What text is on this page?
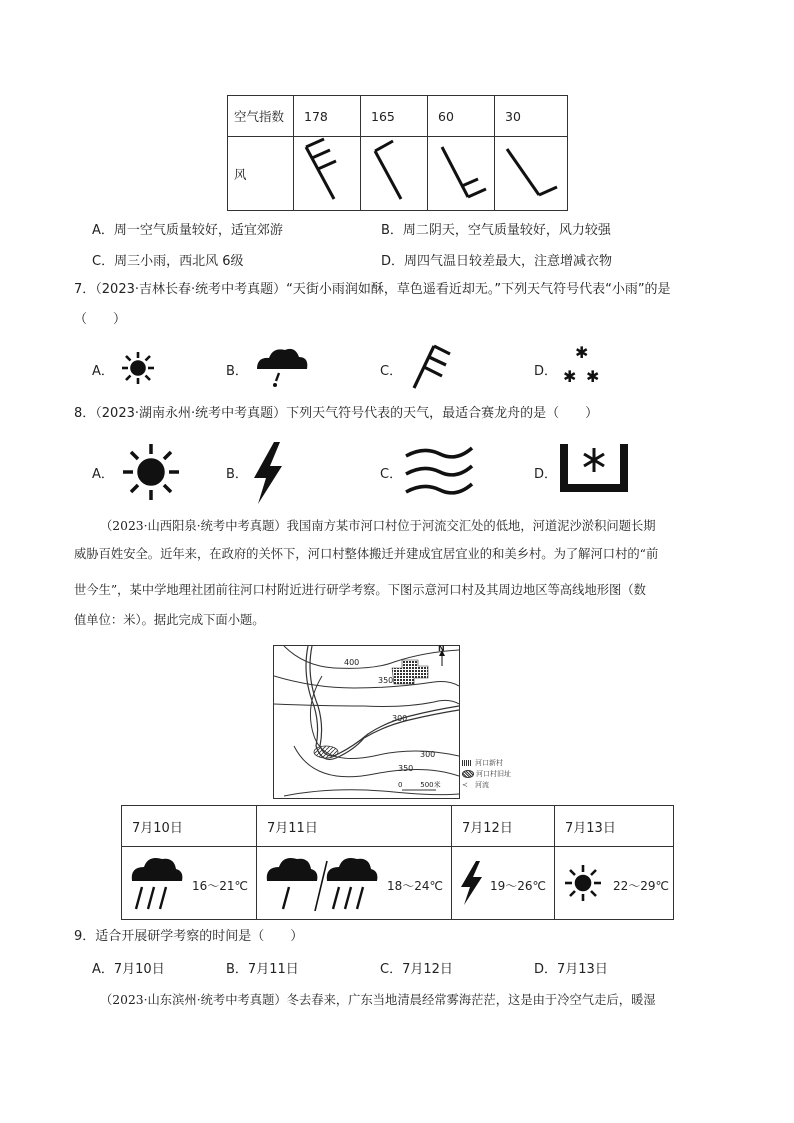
空气指数	178	165	60	30
风				
A．周一空气质量较好，适宜郊游	B．周二阴天，空气质量较好，风力较强
C．周三小雨，西北风 6级	D．周四气温日较差最大，注意增减衣物
7．（2023·吉林长春·统考中考真题）“天街小雨润如酥，草色遥看近却无。”下列天气符号代表“小雨”的是
（　　）
A．	B．	C．	D．
✱
✱ ✱
8．（2023·湖南永州·统考中考真题）下列天气符号代表的天气，最适合赛龙舟的是（　　）
A．	B．	C．	D．
（2023·山西阳泉·统考中考真题）我国南方某市河口村位于河流交汇处的低地，河道泥沙淤积问题长期
威胁百姓安全。近年来，在政府的关怀下，河口村整体搬迁并建成宜居宜业的和美乡村。为了解河口村的“前
世今生”，某中学地理社团前往河口村附近进行研学考察。下图示意河口村及其周边地区等高线地形图（数
值单位：米）。据此完成下面小题。
400
350
300
300
350
N
0        500米
河口新村
河口村旧址
≺	河流
7月10日	7月11日	7月12日	7月13日

16～21℃	18～24℃	19～26℃	22～29℃
9．适合开展研学考察的时间是（　　）
A．7月10日	B．7月11日	C．7月12日	D．7月13日
（2023·山东滨州·统考中考真题）冬去春来，广东当地清晨经常雾海茫茫，这是由于冷空气走后，暖湿
